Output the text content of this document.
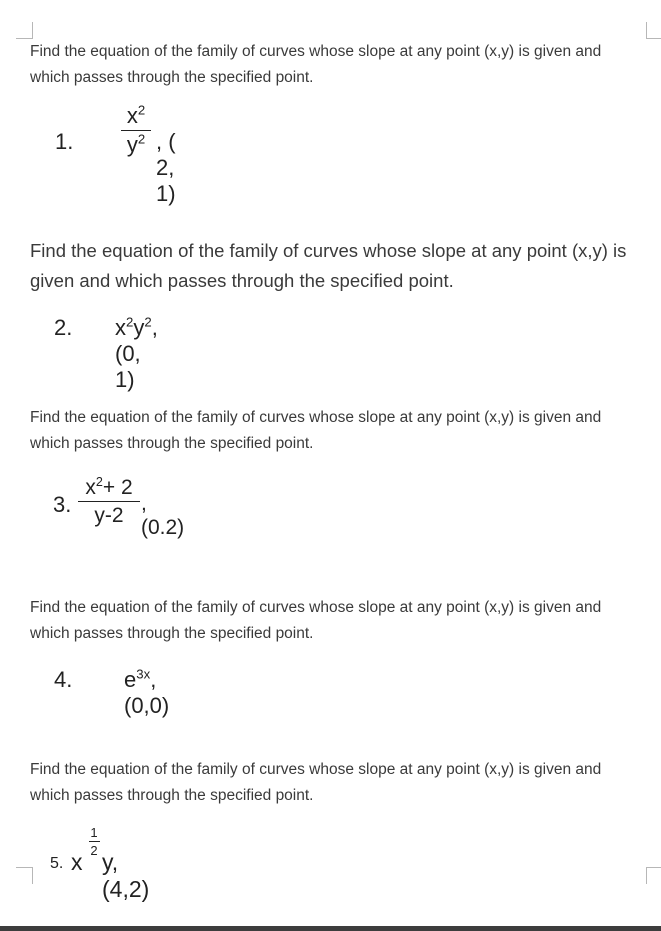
Find the equation of the family of curves whose slope at any point (x,y) is given and which passes through the specified point.
1.
$x^2$
$y^2$ , ( 2, 1)
Find the equation of the family of curves whose slope at any point (x,y) is given and which passes through the specified point.
2. $x^2y^2$, (0, 1)
Find the equation of the family of curves whose slope at any point (x,y) is given and which passes through the specified point.
3.
$x^2+ 2$
y-2
,(0.2)
Find the equation of the family of curves whose slope at any point (x,y) is given and which passes through the specified point.
4. $e^{3x},(0,0)$
Find the equation of the family of curves whose slope at any point (x,y) is given and which passes through the specified point.
5. x
1
2 y, (4,2)
